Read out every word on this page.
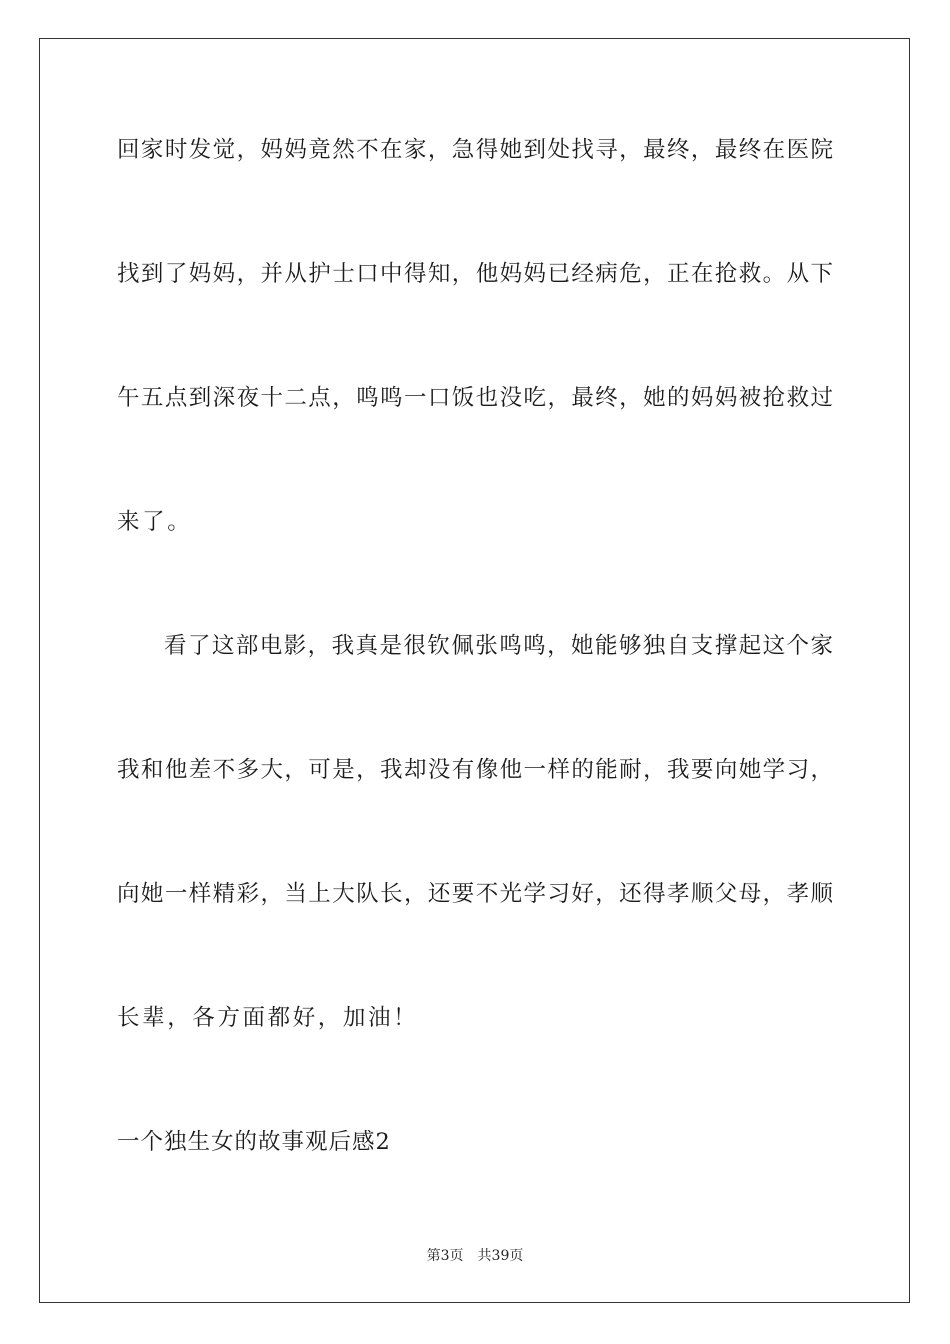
回家时发觉，妈妈竟然不在家，急得她到处找寻，最终，最终在医院
找到了妈妈，并从护士口中得知，他妈妈已经病危，正在抢救。从下
午五点到深夜十二点，鸣鸣一口饭也没吃，最终，她的妈妈被抢救过
来了。
看了这部电影，我真是很钦佩张鸣鸣，她能够独自支撑起这个家
我和他差不多大，可是，我却没有像他一样的能耐，我要向她学习，
向她一样精彩，当上大队长，还要不光学习好，还得孝顺父母，孝顺
长辈，各方面都好，加油！
一个独生女的故事观后感2
第3页 共39页
